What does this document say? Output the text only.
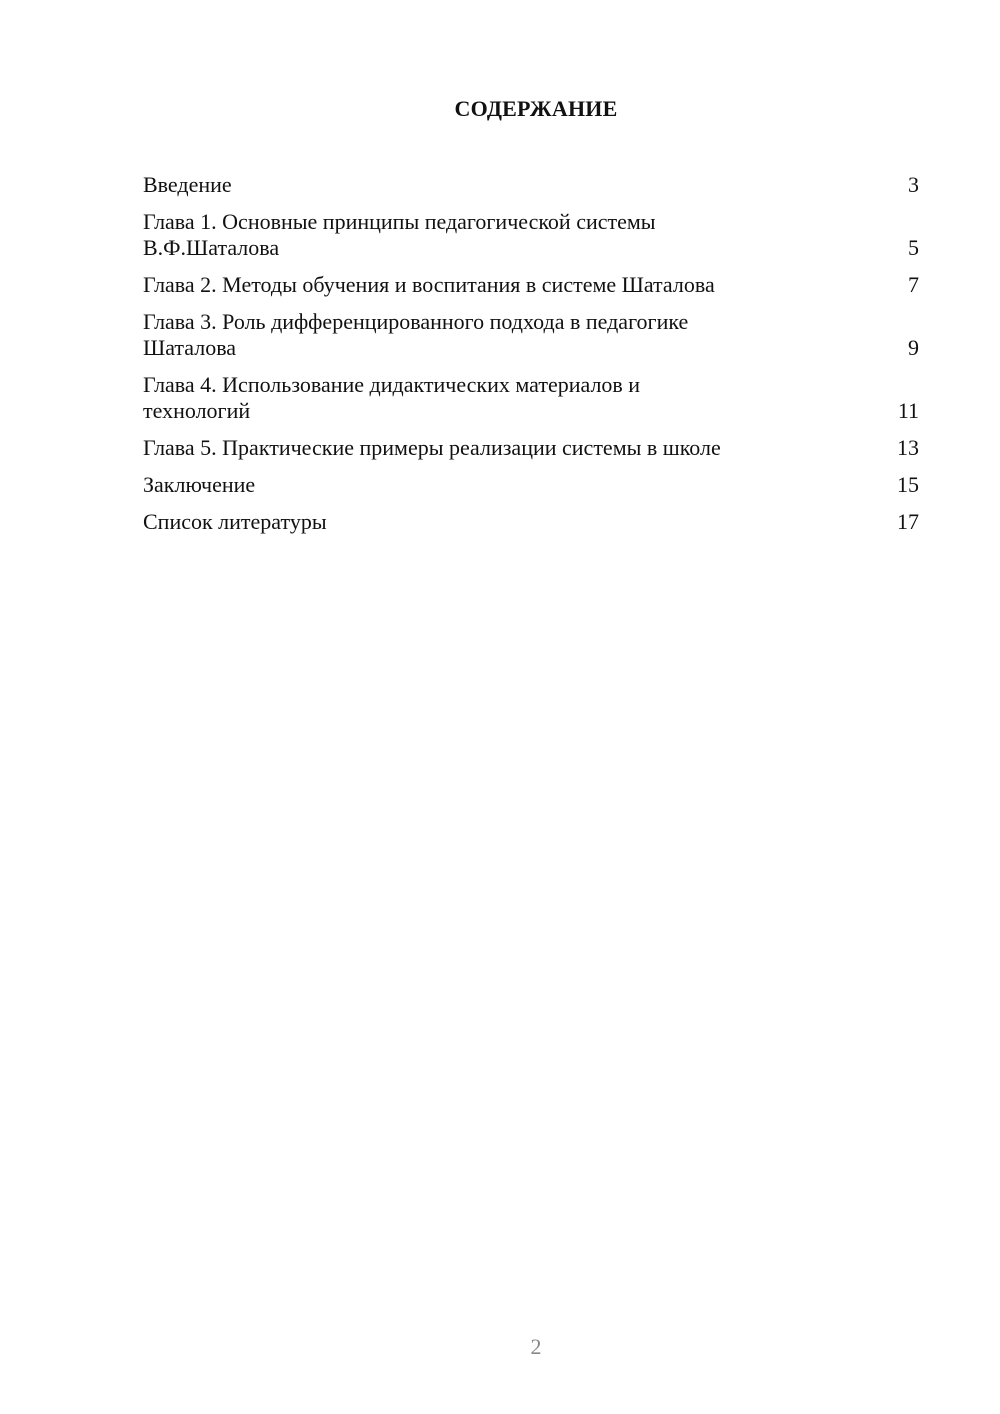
СОДЕРЖАНИЕ
Введение	3
Глава 1. Основные принципы педагогической системы
В.Ф.Шаталова	5
Глава 2. Методы обучения и воспитания в системе Шаталова	7
Глава 3. Роль дифференцированного подхода в педагогике
Шаталова	9
Глава 4. Использование дидактических материалов и
технологий	11
Глава 5. Практические примеры реализации системы в школе	13
Заключение	15
Список литературы	17
2
